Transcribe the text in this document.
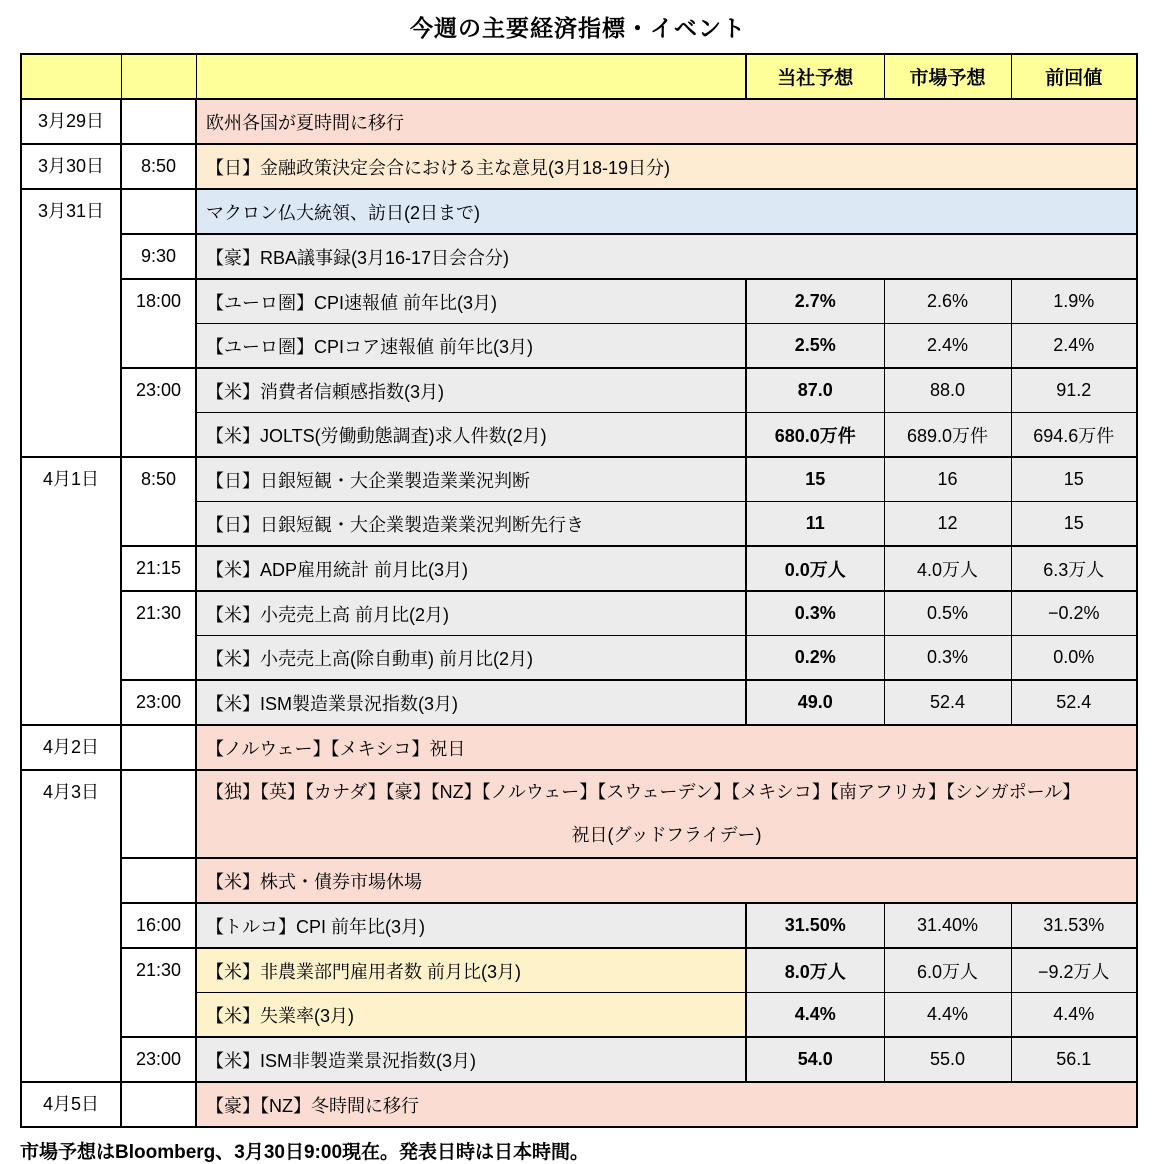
今週の主要経済指標・イベント
			当社予想	市場予想	前回値
3月29日		欧州各国が夏時間に移行			
3月30日	8:50	【日】金融政策決定会合における主な意見(3月18-19日分)			
3月31日		マクロン仏大統領、訪日(2日まで)			
	9:30	【豪】RBA議事録(3月16-17日会合分)			
	18:00	【ユーロ圏】CPI速報値 前年比(3月)	2.7%	2.6%	1.9%
		【ユーロ圏】CPIコア速報値 前年比(3月)	2.5%	2.4%	2.4%
	23:00	【米】消費者信頼感指数(3月)	87.0	88.0	91.2
		【米】JOLTS(労働動態調査)求人件数(2月)	680.0万件	689.0万件	694.6万件
4月1日	8:50	【日】日銀短観・大企業製造業業況判断	15	16	15
		【日】日銀短観・大企業製造業業況判断先行き	11	12	15
	21:15	【米】ADP雇用統計 前月比(3月)	0.0万人	4.0万人	6.3万人
	21:30	【米】小売売上高 前月比(2月)	0.3%	0.5%	−0.2%
		【米】小売売上高(除自動車) 前月比(2月)	0.2%	0.3%	0.0%
	23:00	【米】ISM製造業景況指数(3月)	49.0	52.4	52.4
4月2日		【ノルウェー】【メキシコ】祝日			
4月3日		【独】【英】【カナダ】【豪】【NZ】【ノルウェー】【スウェーデン】【メキシコ】【南アフリカ】【シンガポール】
祝日(グッドフライデー)			

		【米】株式・債券市場休場			
	16:00	【トルコ】CPI 前年比(3月)	31.50%	31.40%	31.53%
	21:30	【米】非農業部門雇用者数 前月比(3月)	8.0万人	6.0万人	−9.2万人
		【米】失業率(3月)	4.4%	4.4%	4.4%
	23:00	【米】ISM非製造業景況指数(3月)	54.0	55.0	56.1
4月5日		【豪】【NZ】冬時間に移行			
市場予想はBloomberg、3月30日9:00現在。発表日時は日本時間。
